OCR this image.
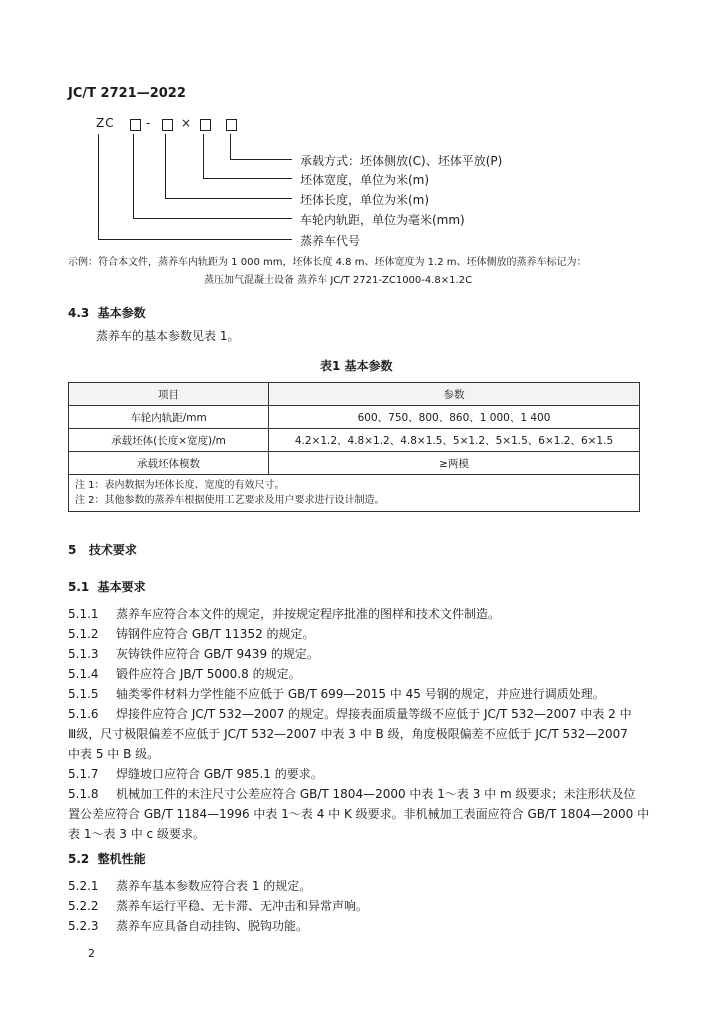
JC/T 2721—2022
ZC	- ×
承载方式：坯体侧放(C)、坯体平放(P)
坯体宽度，单位为米(m)
坯体长度，单位为米(m)
车轮内轨距，单位为毫米(mm)
蒸养车代号
示例：符合本文件，蒸养车内轨距为 1 000 mm，坯体长度 4.8 m、坯体宽度为 1.2 m、坯体侧放的蒸养车标记为：
蒸压加气混凝土设备 蒸养车 JC/T 2721-ZC1000-4.8×1.2C
4.3 基本参数
蒸养车的基本参数见表 1。
表1 基本参数
项目	参数
车轮内轨距/mm	600、750、800、860、1 000、1 400
承载坯体(长度×宽度)/m	4.2×1.2、4.8×1.2、4.8×1.5、5×1.2、5×1.5、6×1.2、6×1.5
承载坯体模数	≥两模

注 1：表内数据为坯体长度、宽度的有效尺寸。
注 2：其他参数的蒸养车根据使用工艺要求及用户要求进行设计制造。	
5 技术要求
5.1 基本要求
5.1.1 蒸养车应符合本文件的规定，并按规定程序批准的图样和技术文件制造。
5.1.2 铸钢件应符合 GB/T 11352 的规定。
5.1.3 灰铸铁件应符合 GB/T 9439 的规定。
5.1.4 锻件应符合 JB/T 5000.8 的规定。
5.1.5 轴类零件材料力学性能不应低于 GB/T 699—2015 中 45 号钢的规定，并应进行调质处理。
5.1.6 焊接件应符合 JC/T 532—2007 的规定。焊接表面质量等级不应低于 JC/T 532—2007 中表 2 中
Ⅲ级，尺寸极限偏差不应低于 JC/T 532—2007 中表 3 中 B 级，角度极限偏差不应低于 JC/T 532—2007
中表 5 中 B 级。
5.1.7 焊缝坡口应符合 GB/T 985.1 的要求。
5.1.8 机械加工件的未注尺寸公差应符合 GB/T 1804—2000 中表 1～表 3 中 m 级要求；未注形状及位
置公差应符合 GB/T 1184—1996 中表 1～表 4 中 K 级要求。非机械加工表面应符合 GB/T 1804—2000 中
表 1～表 3 中 c 级要求。
5.2 整机性能
5.2.1 蒸养车基本参数应符合表 1 的规定。
5.2.2 蒸养车运行平稳、无卡滞、无冲击和异常声响。
5.2.3 蒸养车应具备自动挂钩、脱钩功能。
2
